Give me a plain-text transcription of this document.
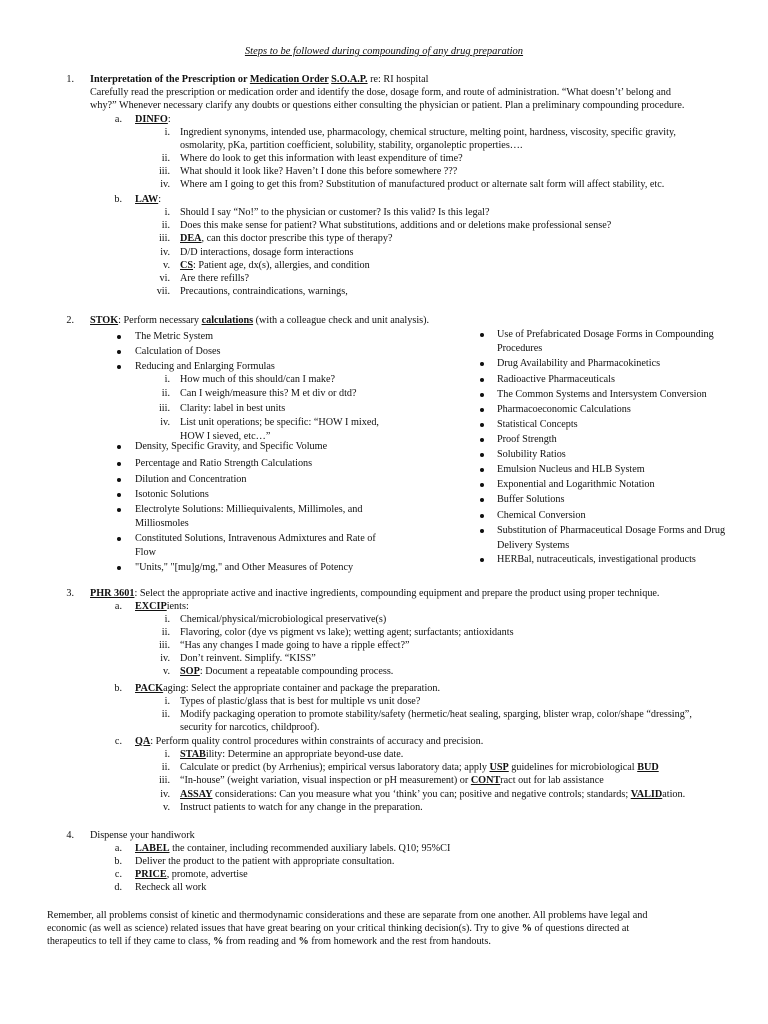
Steps to be followed during compounding of any drug preparation
1. Interpretation of the Prescription or Medication Order S.O.A.P. re: RI hospital
Carefully read the prescription or medication order and identify the dose, dosage form, and route of administration. “What doesn’t’ belong and
why?” Whenever necessary clarify any doubts or questions either consulting the physician or patient. Plan a preliminary compounding procedure.
a. DINFO:
i. Ingredient synonyms, intended use, pharmacology, chemical structure, melting point, hardness, viscosity, specific gravity,
osmolarity, pKa, partition coefficient, solubility, stability, organoleptic properties….
ii. Where do look to get this information with least expenditure of time?
iii. What should it look like? Haven’t I done this before somewhere ???
iv. Where am I going to get this from? Substitution of manufactured product or alternate salt form will affect stability, etc.
b. LAW:
i. Should I say “No!” to the physician or customer? Is this valid? Is this legal?
ii. Does this make sense for patient? What substitutions, additions and or deletions make professional sense?
iii. DEA, can this doctor prescribe this type of therapy?
iv. D/D interactions, dosage form interactions
v. CS: Patient age, dx(s), allergies, and condition
vi. Are there refills?
vii. Precautions, contraindications, warnings,
2. STOK: Perform necessary calculations (with a colleague check and unit analysis).
The Metric System
Calculation of Doses
Reducing and Enlarging Formulas
i. How much of this should/can I make?
ii. Can I weigh/measure this? M et div or dtd?
iii. Clarity: label in best units
iv. List unit operations; be specific: “HOW I mixed,
HOW I sieved, etc…”
Density, Specific Gravity, and Specific Volume
Percentage and Ratio Strength Calculations
Dilution and Concentration
Isotonic Solutions
Electrolyte Solutions: Milliequivalents, Millimoles, and
Milliosmoles
Constituted Solutions, Intravenous Admixtures and Rate of
Flow
"Units," "[mu]g/mg," and Other Measures of Potency
Use of Prefabricated Dosage Forms in Compounding
Procedures
Drug Availability and Pharmacokinetics
Radioactive Pharmaceuticals
The Common Systems and Intersystem Conversion
Pharmacoeconomic Calculations
Statistical Concepts
Proof Strength
Solubility Ratios
Emulsion Nucleus and HLB System
Exponential and Logarithmic Notation
Buffer Solutions
Chemical Conversion
Substitution of Pharmaceutical Dosage Forms and Drug
Delivery Systems
HERBal, nutraceuticals, investigational products
3. PHR 3601: Select the appropriate active and inactive ingredients, compounding equipment and prepare the product using proper technique.
a. EXCIPients:
i. Chemical/physical/microbiological preservative(s)
ii. Flavoring, color (dye vs pigment vs lake); wetting agent; surfactants; antioxidants
iii. “Has any changes I made going to have a ripple effect?”
iv. Don’t reinvent. Simplify. “KISS”
v. SOP: Document a repeatable compounding process.
b. PACKaging: Select the appropriate container and package the preparation.
i. Types of plastic/glass that is best for multiple vs unit dose?
ii. Modify packaging operation to promote stability/safety (hermetic/heat sealing, sparging, blister wrap, color/shape “dressing”,
security for narcotics, childproof).
c. QA: Perform quality control procedures within constraints of accuracy and precision.
i. STABility: Determine an appropriate beyond-use date.
ii. Calculate or predict (by Arrhenius); empirical versus laboratory data; apply USP guidelines for microbiological BUD
iii. “In-house” (weight variation, visual inspection or pH measurement) or CONTract out for lab assistance
iv. ASSAY considerations: Can you measure what you ‘think’ you can; positive and negative controls; standards; VALIDation.
v. Instruct patients to watch for any change in the preparation.
4. Dispense your handiwork
a. LABEL the container, including recommended auxiliary labels. Q10; 95%CI
b. Deliver the product to the patient with appropriate consultation.
c. PRICE, promote, advertise
d. Recheck all work
Remember, all problems consist of kinetic and thermodynamic considerations and these are separate from one another. All problems have legal and
economic (as well as science) related issues that have great bearing on your critical thinking decision(s). Try to give % of questions directed at
therapeutics to tell if they came to class, % from reading and % from homework and the rest from handouts.
